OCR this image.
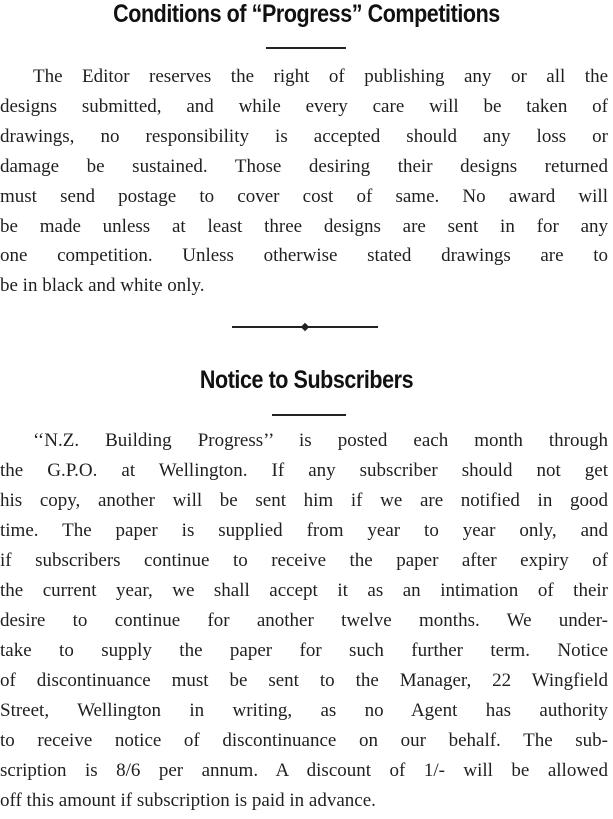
Conditions of “Progress” Competitions
The Editor reserves the right of publishing any or all the
designs submitted, and while every care will be taken of
drawings, no responsibility is accepted should any loss or
damage be sustained. Those desiring their designs returned
must send postage to cover cost of same. No award will
be made unless at least three designs are sent in for any
one competition. Unless otherwise stated drawings are to
be in black and white only.
Notice to Subscribers
‘‘N.Z. Building Progress’’ is posted each month through
the G.P.O. at Wellington. If any subscriber should not get
his copy, another will be sent him if we are notified in good
time. The paper is supplied from year to year only, and
if subscribers continue to receive the paper after expiry of
the current year, we shall accept it as an intimation of their
desire to continue for another twelve months. We under-
take to supply the paper for such further term. Notice
of discontinuance must be sent to the Manager, 22 Wingfield
Street, Wellington in writing, as no Agent has authority
to receive notice of discontinuance on our behalf. The sub-
scription is 8/6 per annum. A discount of 1/- will be allowed
off this amount if subscription is paid in advance.
